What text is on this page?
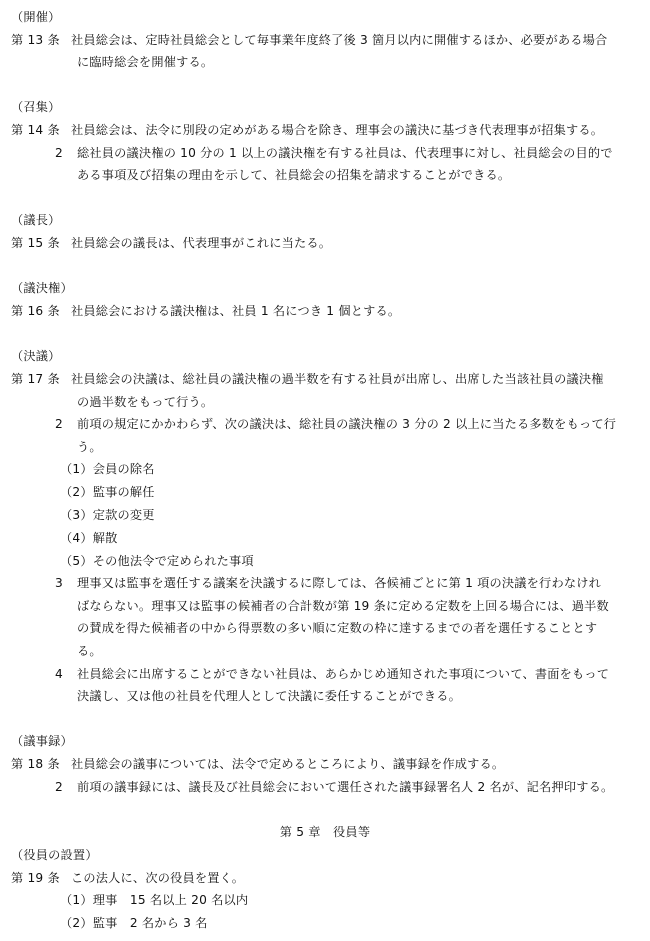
（開催）
第 13 条 社員総会は、定時社員総会として毎事業年度終了後 3 箇月以内に開催するほか、必要がある場合
に臨時総会を開催する。
（召集）
第 14 条 社員総会は、法令に別段の定めがある場合を除き、理事会の議決に基づき代表理事が招集する。
2 総社員の議決権の 10 分の 1 以上の議決権を有する社員は、代表理事に対し、社員総会の目的で
ある事項及び招集の理由を示して、社員総会の招集を請求することができる。
（議長）
第 15 条 社員総会の議長は、代表理事がこれに当たる。
（議決権）
第 16 条 社員総会における議決権は、社員 1 名につき 1 個とする。
（決議）
第 17 条 社員総会の決議は、総社員の議決権の過半数を有する社員が出席し、出席した当該社員の議決権
の過半数をもって行う。
2 前項の規定にかかわらず、次の議決は、総社員の議決権の 3 分の 2 以上に当たる多数をもって行
う。
（1）会員の除名
（2）監事の解任
（3）定款の変更
（4）解散
（5）その他法令で定められた事項
3 理事又は監事を選任する議案を決議するに際しては、各候補ごとに第 1 項の決議を行わなけれ
ばならない。理事又は監事の候補者の合計数が第 19 条に定める定数を上回る場合には、過半数
の賛成を得た候補者の中から得票数の多い順に定数の枠に達するまでの者を選任することとす
る。
4 社員総会に出席することができない社員は、あらかじめ通知された事項について、書面をもって
決議し、又は他の社員を代理人として決議に委任することができる。
（議事録）
第 18 条 社員総会の議事については、法令で定めるところにより、議事録を作成する。
2 前項の議事録には、議長及び社員総会において選任された議事録署名人 2 名が、記名押印する。
第 5 章　役員等
（役員の設置）
第 19 条 この法人に、次の役員を置く。
（1）理事　15 名以上 20 名以内
（2）監事　2 名から 3 名
